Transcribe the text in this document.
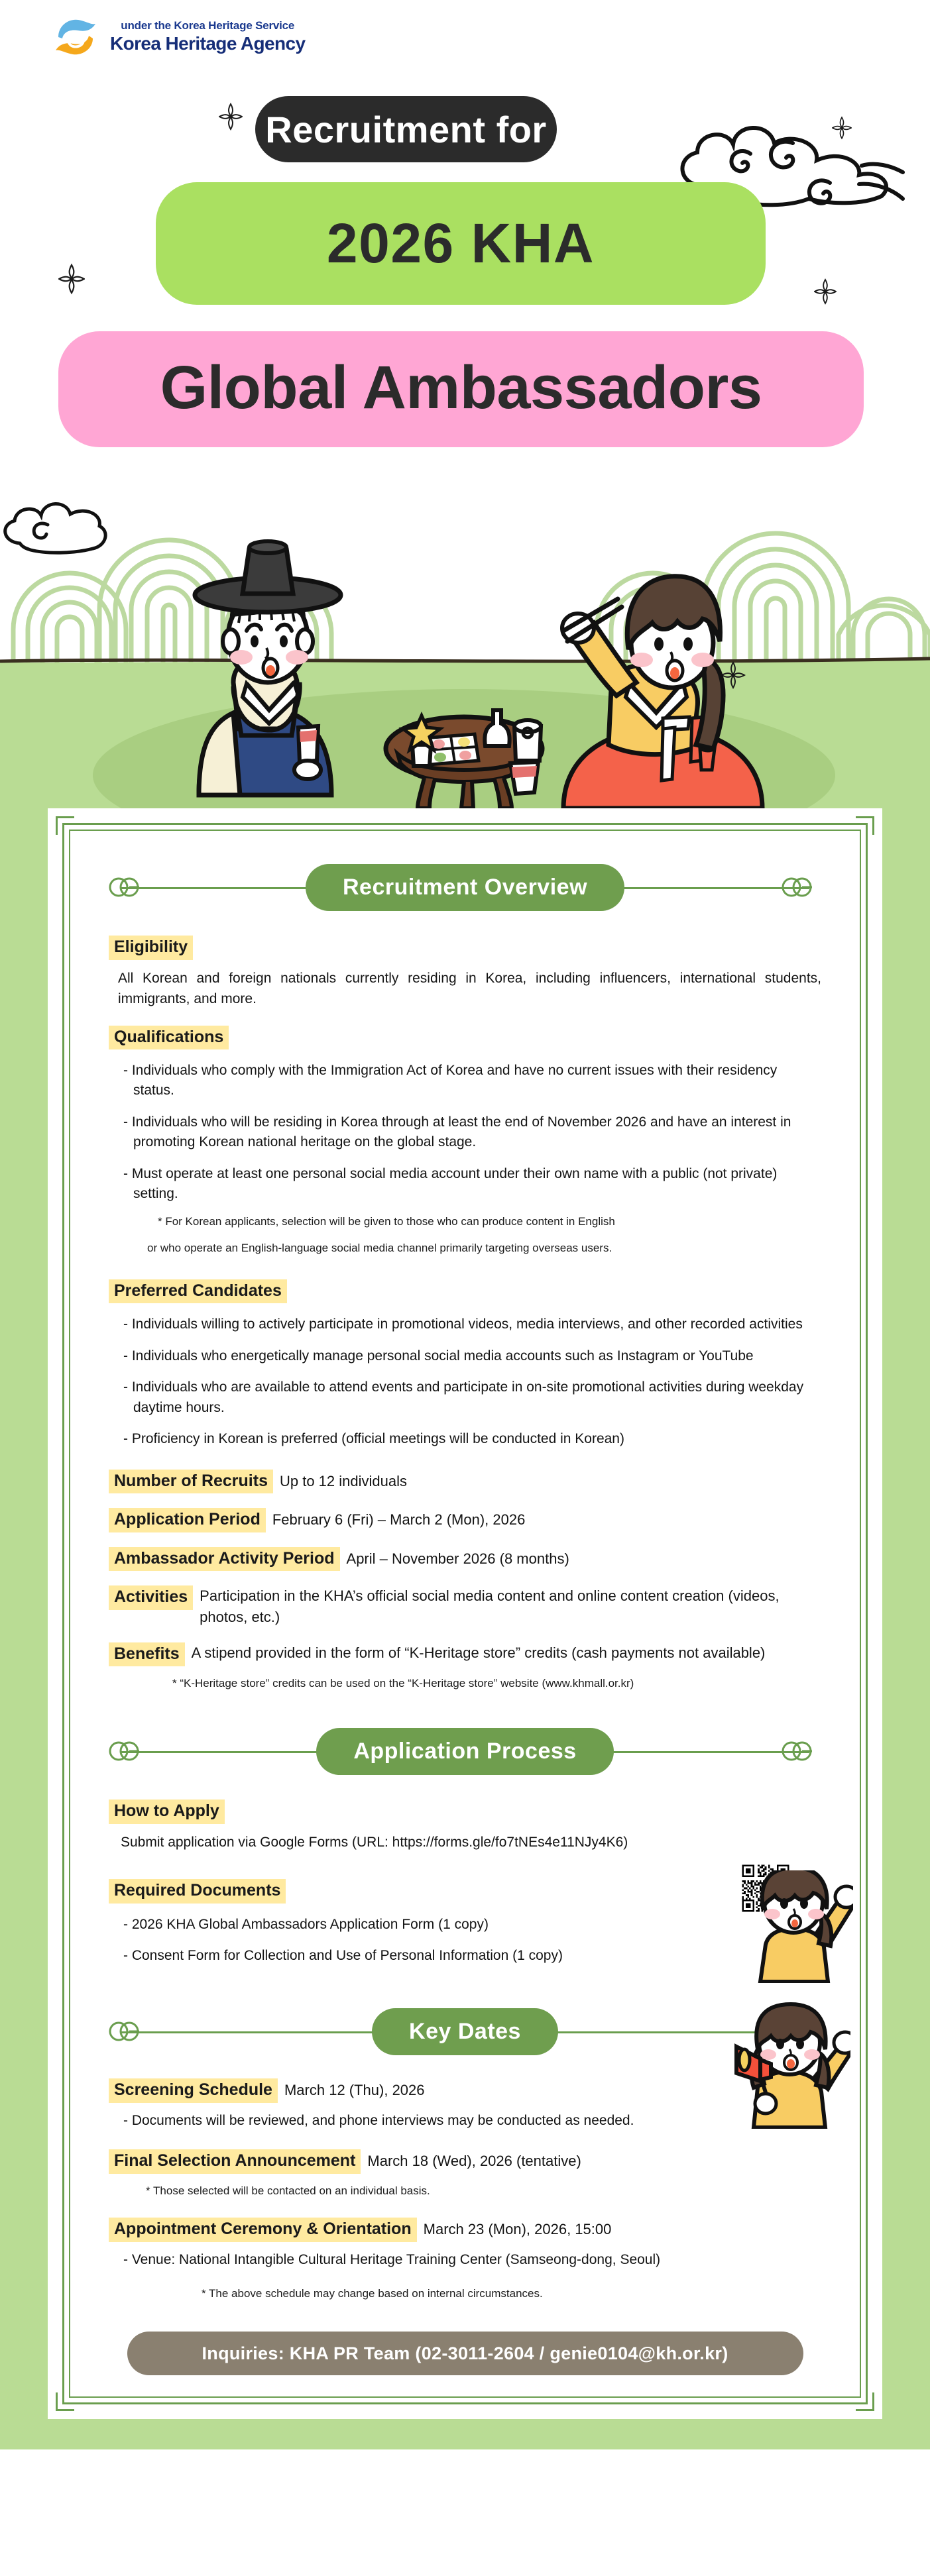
under the Korea Heritage Service
Korea Heritage Agency
Recruitment for
2026 KHA
Global Ambassadors
Recruitment Overview
Eligibility
All Korean and foreign nationals currently residing in Korea, including influencers, international students, immigrants, and more.
Qualifications
- Individuals who comply with the Immigration Act of Korea and have no current issues with their residency status.
- Individuals who will be residing in Korea through at least the end of November 2026 and have an interest in promoting Korean national heritage on the global stage.
- Must operate at least one personal social media account under their own name with a public (not private) setting.
* For Korean applicants, selection will be given to those who can produce content in English
or who operate an English-language social media channel primarily targeting overseas users.
Preferred Candidates
- Individuals willing to actively participate in promotional videos, media interviews, and other recorded activities
- Individuals who energetically manage personal social media accounts such as Instagram or YouTube
- Individuals who are available to attend events and participate in on-site promotional activities during weekday daytime hours.
- Proficiency in Korean is preferred (official meetings will be conducted in Korean)
Number of Recruits Up to 12 individuals
Application Period February 6 (Fri) – March 2 (Mon), 2026
Ambassador Activity Period April – November 2026 (8 months)
Activities Participation in the KHA’s official social media content and online content creation (videos, photos, etc.)
Benefits A stipend provided in the form of “K-Heritage store” credits (cash payments not available)
* “K-Heritage store” credits can be used on the “K-Heritage store” website (www.khmall.or.kr)
Application Process
How to Apply
Submit application via Google Forms (URL: https://forms.gle/fo7tNEs4e11NJy4K6)
Required Documents
- 2026 KHA Global Ambassadors Application Form (1 copy)
- Consent Form for Collection and Use of Personal Information (1 copy)
Key Dates
Screening Schedule March 12 (Thu), 2026
- Documents will be reviewed, and phone interviews may be conducted as needed.
Final Selection Announcement March 18 (Wed), 2026 (tentative)
* Those selected will be contacted on an individual basis.
Appointment Ceremony & Orientation March 23 (Mon), 2026, 15:00
- Venue: National Intangible Cultural Heritage Training Center (Samseong-dong, Seoul)
* The above schedule may change based on internal circumstances.
Inquiries: KHA PR Team (02-3011-2604 / genie0104@kh.or.kr)
